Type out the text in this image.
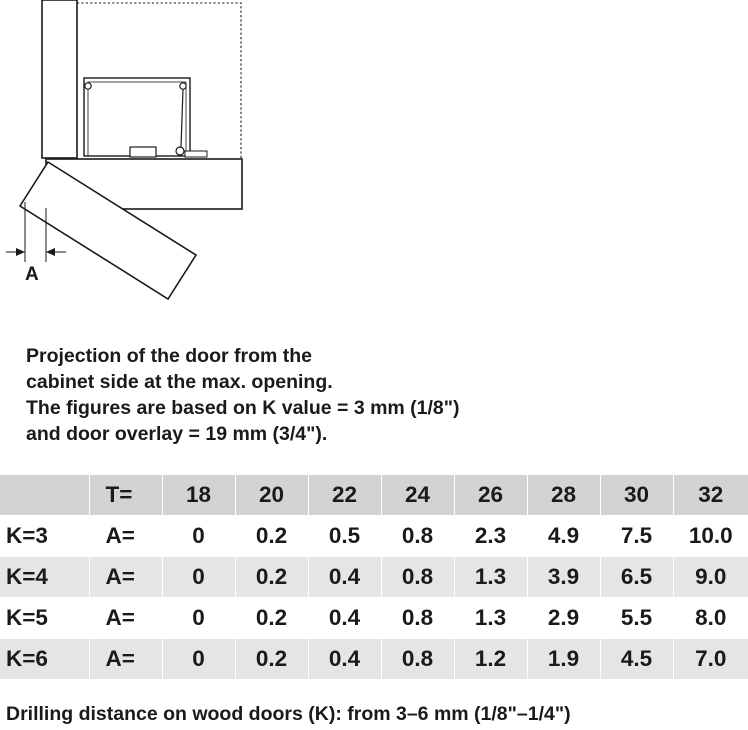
A

Projection of the door from the
cabinet side at the max. opening.
The figures are based on K value = 3 mm (1/8")
and door overlay = 19 mm (3/4").

	T=	18	20	22	24	26	28	30	32
K=3	A=	0	0.2	0.5	0.8	2.3	4.9	7.5	10.0
K=4	A=	0	0.2	0.4	0.8	1.3	3.9	6.5	9.0
K=5	A=	0	0.2	0.4	0.8	1.3	2.9	5.5	8.0
K=6	A=	0	0.2	0.4	0.8	1.2	1.9	4.5	7.0

Drilling distance on wood doors (K): from 3–6 mm (1/8"–1/4")
